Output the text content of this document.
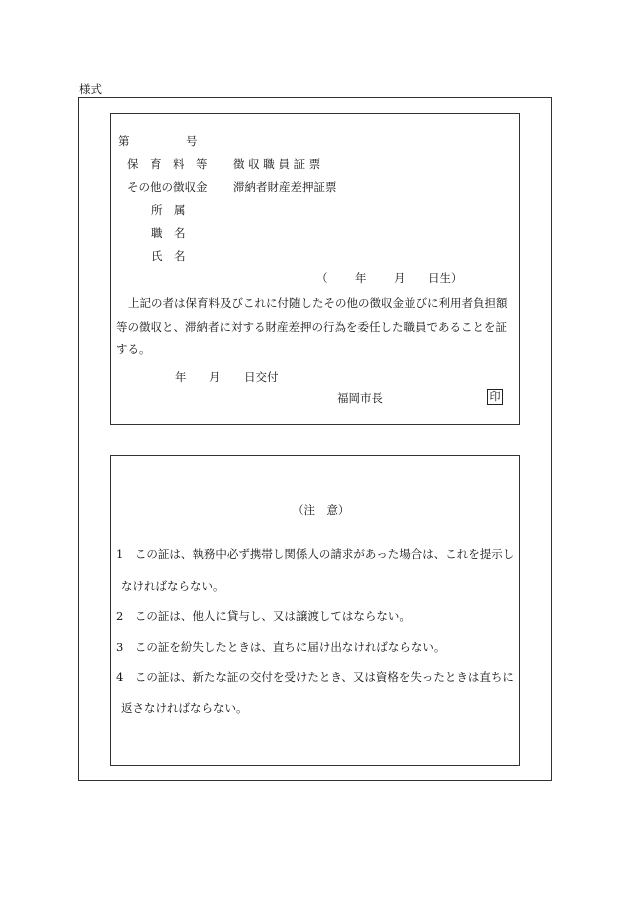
様式
第	号
保　育　料　等 徴 収 職 員 証 票
その他の徴収金 滞納者財産差押証票
所　属
職　名
氏　名
（ 年 月 日生）
上記の者は保育料及びこれに付随したその他の徴収金並びに利用者負担額
等の徴収と、滞納者に対する財産差押の行為を委任した職員であることを証
する。
年 月 日交付
福岡市長	印
（注　意）
1　この証は、執務中必ず携帯し関係人の請求があった場合は、これを提示し
なければならない。
2　この証は、他人に貸与し、又は譲渡してはならない。
3　この証を紛失したときは、直ちに届け出なければならない。
4　この証は、新たな証の交付を受けたとき、又は資格を失ったときは直ちに
返さなければならない。
